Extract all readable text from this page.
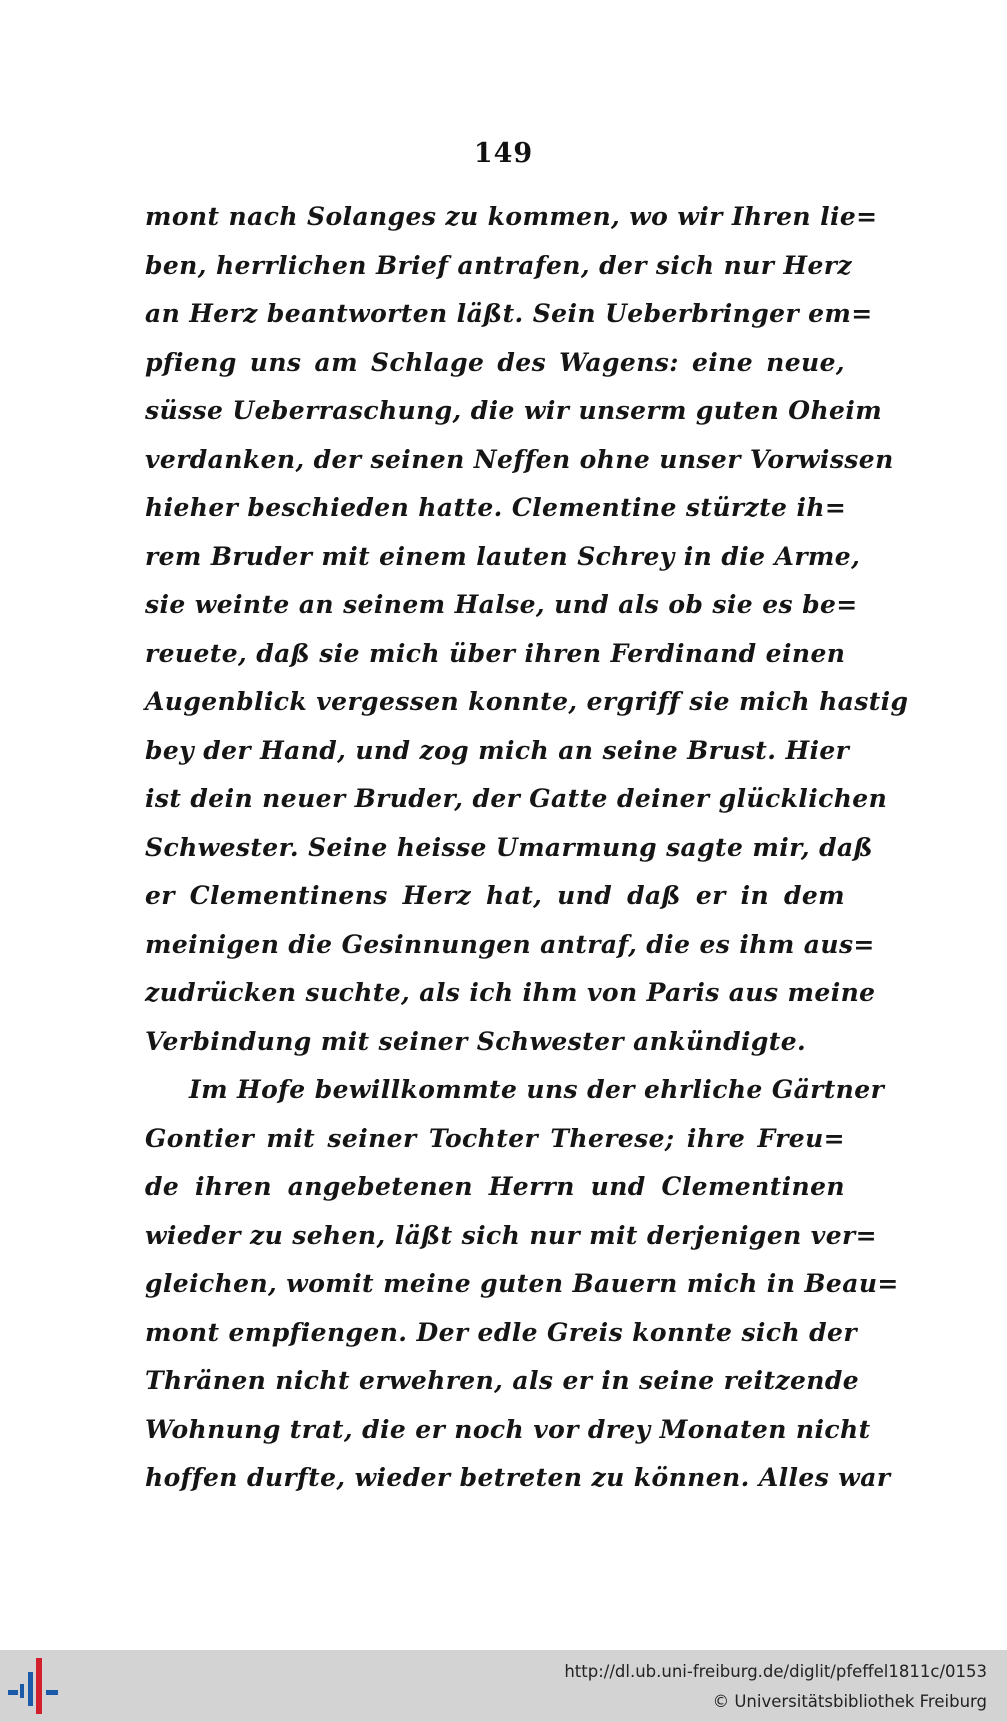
149
mont nach Solanges zu kommen, wo wir Ihren lie=
ben, herrlichen Brief antrafen, der sich nur Herz
an Herz beantworten läßt. Sein Ueberbringer em=
pfieng uns am Schlage des Wagens: eine neue,
süsse Ueberraschung, die wir unserm guten Oheim
verdanken, der seinen Neffen ohne unser Vorwissen
hieher beschieden hatte. Clementine stürzte ih=
rem Bruder mit einem lauten Schrey in die Arme,
sie weinte an seinem Halse, und als ob sie es be=
reuete, daß sie mich über ihren Ferdinand einen
Augenblick vergessen konnte, ergriff sie mich hastig
bey der Hand, und zog mich an seine Brust. Hier
ist dein neuer Bruder, der Gatte deiner glücklichen
Schwester. Seine heisse Umarmung sagte mir, daß
er Clementinens Herz hat, und daß er in dem
meinigen die Gesinnungen antraf, die es ihm aus=
zudrücken suchte, als ich ihm von Paris aus meine
Verbindung mit seiner Schwester ankündigte.
Im Hofe bewillkommte uns der ehrliche Gärtner
Gontier mit seiner Tochter Therese; ihre Freu=
de ihren angebetenen Herrn und Clementinen
wieder zu sehen, läßt sich nur mit derjenigen ver=
gleichen, womit meine guten Bauern mich in Beau=
mont empfiengen. Der edle Greis konnte sich der
Thränen nicht erwehren, als er in seine reitzende
Wohnung trat, die er noch vor drey Monaten nicht
hoffen durfte, wieder betreten zu können. Alles war
http://dl.ub.uni-freiburg.de/diglit/pfeffel1811c/0153
© Universitätsbibliothek Freiburg
